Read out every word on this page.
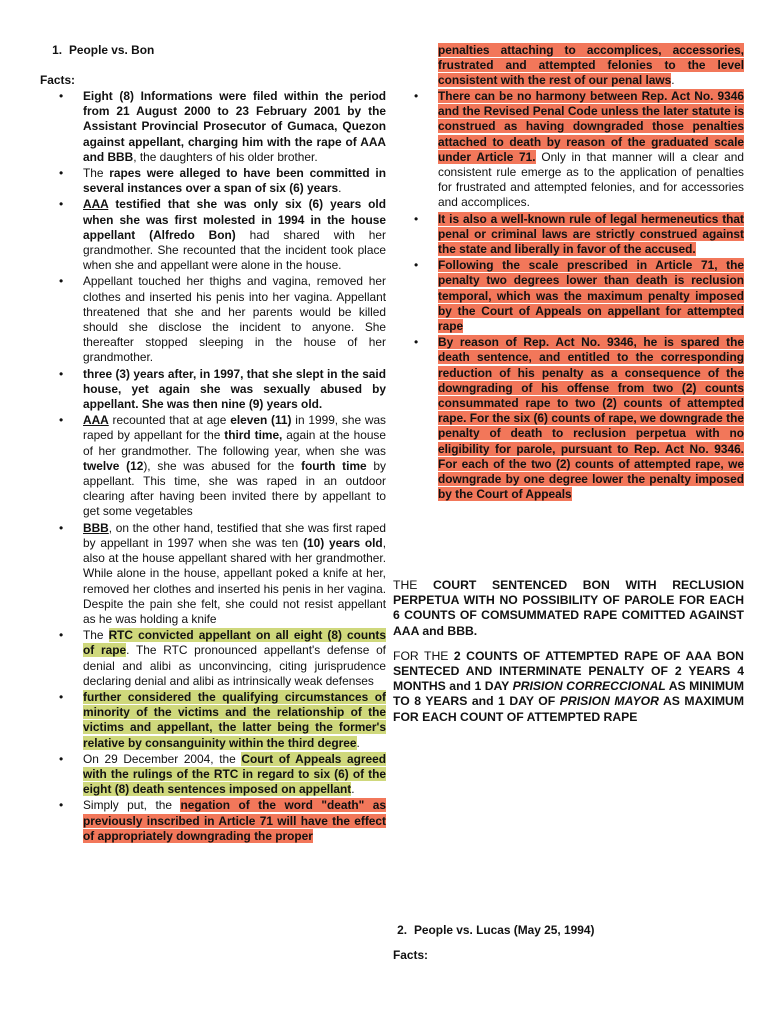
1. People vs. Bon

Facts:

• Eight (8) Informations were filed within the period from 21 August 2000 to 23 February 2001 by the Assistant Provincial Prosecutor of Gumaca, Quezon against appellant, charging him with the rape of AAA and BBB, the daughters of his older brother.
• The rapes were alleged to have been committed in several instances over a span of six (6) years.
• AAA testified that she was only six (6) years old when she was first molested in 1994 in the house appellant (Alfredo Bon) had shared with her grandmother. She recounted that the incident took place when she and appellant were alone in the house.
• Appellant touched her thighs and vagina, removed her clothes and inserted his penis into her vagina. Appellant threatened that she and her parents would be killed should she disclose the incident to anyone. She thereafter stopped sleeping in the house of her grandmother.
• three (3) years after, in 1997, that she slept in the said house, yet again she was sexually abused by appellant. She was then nine (9) years old.
• AAA recounted that at age eleven (11) in 1999, she was raped by appellant for the third time, again at the house of her grandmother. The following year, when she was twelve (12), she was abused for the fourth time by appellant. This time, she was raped in an outdoor clearing after having been invited there by appellant to get some vegetables
• BBB, on the other hand, testified that she was first raped by appellant in 1997 when she was ten (10) years old, also at the house appellant shared with her grandmother. While alone in the house, appellant poked a knife at her, removed her clothes and inserted his penis in her vagina. Despite the pain she felt, she could not resist appellant as he was holding a knife
• The RTC convicted appellant on all eight (8) counts of rape. The RTC pronounced appellant's defense of denial and alibi as unconvincing, citing jurisprudence declaring denial and alibi as intrinsically weak defenses
• further considered the qualifying circumstances of minority of the victims and the relationship of the victims and appellant, the latter being the former's relative by consanguinity within the third degree.
• On 29 December 2004, the Court of Appeals agreed with the rulings of the RTC in regard to six (6) of the eight (8) death sentences imposed on appellant.
• Simply put, the negation of the word "death" as previously inscribed in Article 71 will have the effect of appropriately downgrading the proper

penalties attaching to accomplices, accessories, frustrated and attempted felonies to the level consistent with the rest of our penal laws.

• There can be no harmony between Rep. Act No. 9346 and the Revised Penal Code unless the later statute is construed as having downgraded those penalties attached to death by reason of the graduated scale under Article 71. Only in that manner will a clear and consistent rule emerge as to the application of penalties for frustrated and attempted felonies, and for accessories and accomplices.
• It is also a well-known rule of legal hermeneutics that penal or criminal laws are strictly construed against the state and liberally in favor of the accused.
• Following the scale prescribed in Article 71, the penalty two degrees lower than death is reclusion temporal, which was the maximum penalty imposed by the Court of Appeals on appellant for attempted rape
• By reason of Rep. Act No. 9346, he is spared the death sentence, and entitled to the corresponding reduction of his penalty as a consequence of the downgrading of his offense from two (2) counts consummated rape to two (2) counts of attempted rape. For the six (6) counts of rape, we downgrade the penalty of death to reclusion perpetua with no eligibility for parole, pursuant to Rep. Act No. 9346. For each of the two (2) counts of attempted rape, we downgrade by one degree lower the penalty imposed by the Court of Appeals

THE COURT SENTENCED BON WITH RECLUSION PERPETUA WITH NO POSSIBILITY OF PAROLE FOR EACH 6 COUNTS OF COMSUMMATED RAPE COMITTED AGAINST AAA and BBB.

FOR THE 2 COUNTS OF ATTEMPTED RAPE OF AAA BON SENTECED AND INTERMINATE PENALTY OF 2 YEARS 4 MONTHS and 1 DAY PRISION CORRECCIONAL AS MINIMUM TO 8 YEARS and 1 DAY OF PRISION MAYOR AS MAXIMUM FOR EACH COUNT OF ATTEMPTED RAPE

2. People vs. Lucas (May 25, 1994)

Facts:
